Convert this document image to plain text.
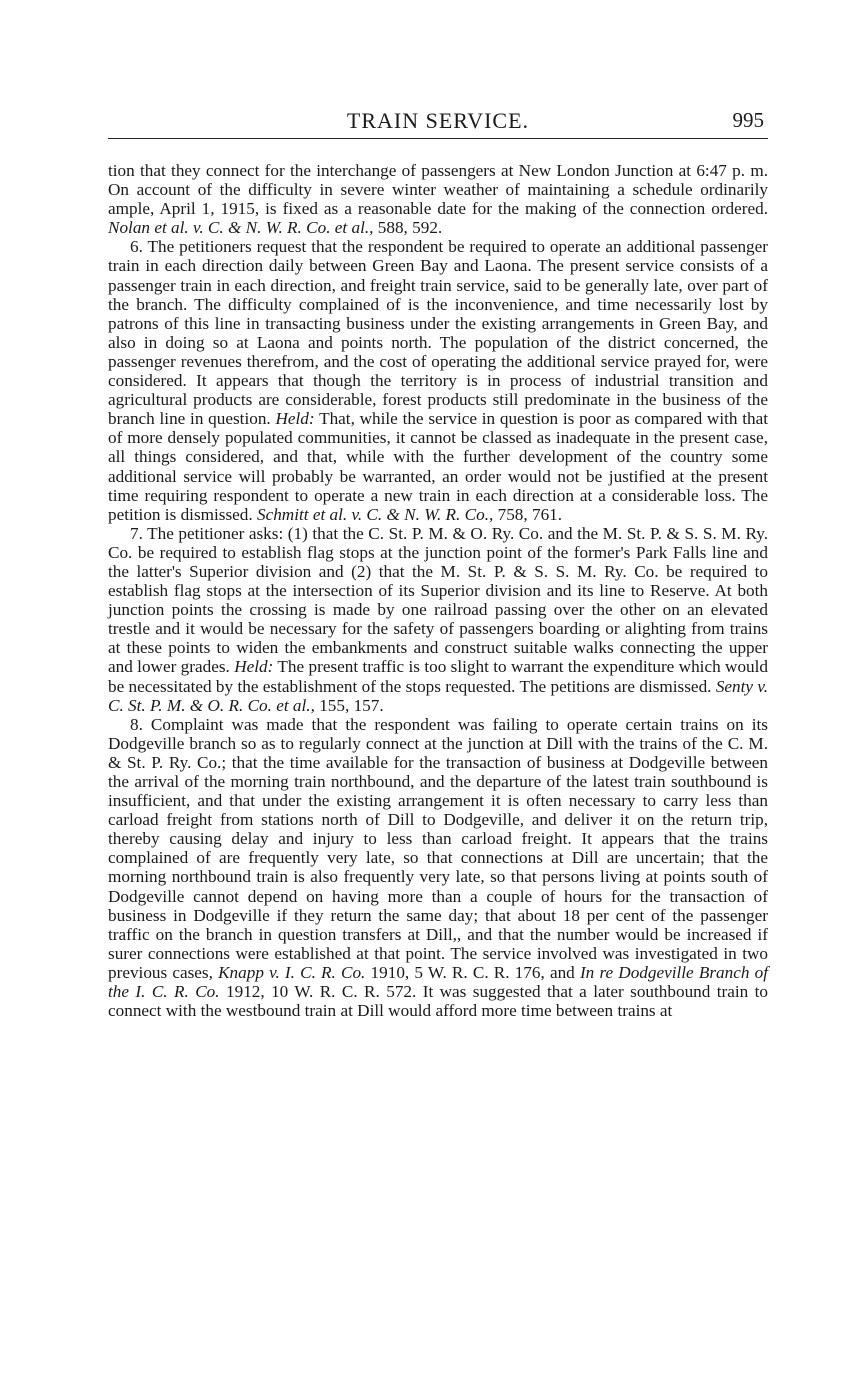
TRAIN SERVICE.	995

tion that they connect for the interchange of passengers at New London Junction at 6:47 p. m. On account of the difficulty in severe winter weather of maintaining a schedule ordinarily ample, April 1, 1915, is fixed as a reasonable date for the making of the connection ordered. Nolan et al. v. C. & N. W. R. Co. et al., 588, 592.

6. The petitioners request that the respondent be required to operate an additional passenger train in each direction daily between Green Bay and Laona. The present service consists of a passenger train in each direction, and freight train service, said to be generally late, over part of the branch. The difficulty complained of is the inconvenience, and time necessarily lost by patrons of this line in transacting business under the existing arrangements in Green Bay, and also in doing so at Laona and points north. The population of the district concerned, the passenger revenues therefrom, and the cost of operating the additional service prayed for, were considered. It appears that though the territory is in process of industrial transition and agricultural products are considerable, forest products still predominate in the business of the branch line in question. Held: That, while the service in question is poor as compared with that of more densely populated communities, it cannot be classed as inadequate in the present case, all things considered, and that, while with the further development of the country some additional service will probably be warranted, an order would not be justified at the present time requiring respondent to operate a new train in each direction at a considerable loss. The petition is dismissed. Schmitt et al. v. C. & N. W. R. Co., 758, 761.

7. The petitioner asks: (1) that the C. St. P. M. & O. Ry. Co. and the M. St. P. & S. S. M. Ry. Co. be required to establish flag stops at the junction point of the former's Park Falls line and the latter's Superior division and (2) that the M. St. P. & S. S. M. Ry. Co. be required to establish flag stops at the intersection of its Superior division and its line to Reserve. At both junction points the crossing is made by one railroad passing over the other on an elevated trestle and it would be necessary for the safety of passengers boarding or alighting from trains at these points to widen the embankments and construct suitable walks connecting the upper and lower grades. Held: The present traffic is too slight to warrant the expenditure which would be necessitated by the establishment of the stops requested. The petitions are dismissed. Senty v. C. St. P. M. & O. R. Co. et al., 155, 157.

8. Complaint was made that the respondent was failing to operate certain trains on its Dodgeville branch so as to regularly connect at the junction at Dill with the trains of the C. M. & St. P. Ry. Co.; that the time available for the transaction of business at Dodgeville between the arrival of the morning train northbound, and the departure of the latest train southbound is insufficient, and that under the existing arrangement it is often necessary to carry less than carload freight from stations north of Dill to Dodgeville, and deliver it on the return trip, thereby causing delay and injury to less than carload freight. It appears that the trains complained of are frequently very late, so that connections at Dill are uncertain; that the morning northbound train is also frequently very late, so that persons living at points south of Dodgeville cannot depend on having more than a couple of hours for the transaction of business in Dodgeville if they return the same day; that about 18 per cent of the passenger traffic on the branch in question transfers at Dill,, and that the number would be increased if surer connections were established at that point. The service involved was investigated in two previous cases, Knapp v. I. C. R. Co. 1910, 5 W. R. C. R. 176, and In re Dodgeville Branch of the I. C. R. Co. 1912, 10 W. R. C. R. 572. It was suggested that a later southbound train to connect with the westbound train at Dill would afford more time between trains at
